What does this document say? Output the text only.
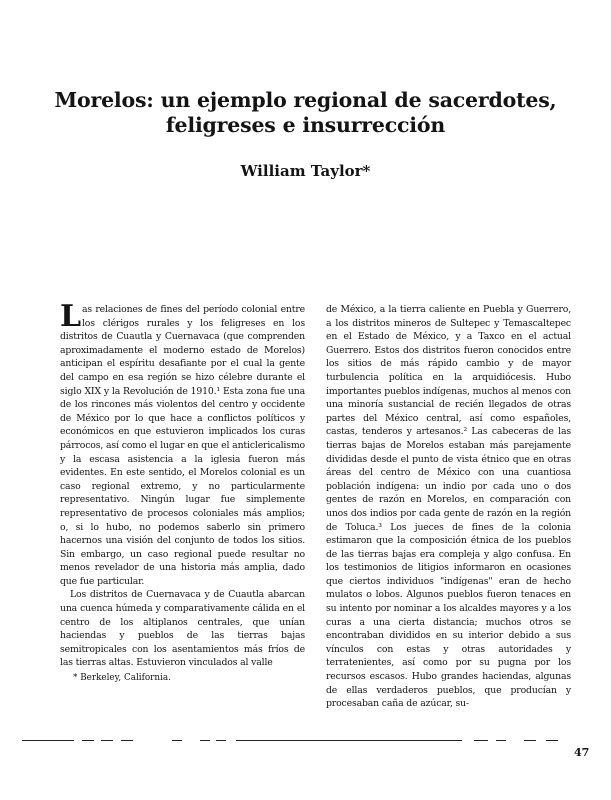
Morelos: un ejemplo regional de sacerdotes,
feligreses e insurrección

William Taylor*

Las relaciones de fines del período colonial entre los clérigos rurales y los feligreses en los distritos de Cuautla y Cuernavaca (que comprenden aproximadamente el moderno estado de Morelos) anticipan el espíritu desafiante por el cual la gente del campo en esa región se hizo célebre durante el siglo XIX y la Revolución de 1910.¹ Esta zona fue una de los rincones más violentos del centro y occidente de México por lo que hace a conflictos políticos y económicos en que estuvieron implicados los curas párrocos, así como el lugar en que el anticlericalismo y la escasa asistencia a la iglesia fueron más evidentes. En este sentido, el Morelos colonial es un caso regional extremo, y no particularmente representativo. Ningún lugar fue simplemente representativo de procesos coloniales más amplios; o, si lo hubo, no podemos saberlo sin primero hacernos una visión del conjunto de todos los sitios. Sin embargo, un caso regional puede resultar no menos revelador de una historia más amplia, dado que fue particular.

Los distritos de Cuernavaca y de Cuautla abarcan una cuenca húmeda y comparativamente cálida en el centro de los altiplanos centrales, que unían haciendas y pueblos de las tierras bajas semitropicales con los asentamientos más fríos de las tierras altas. Estuvieron vinculados al valle

de México, a la tierra caliente en Puebla y Guerrero, a los distritos mineros de Sultepec y Temascaltepec en el Estado de México, y a Taxco en el actual Guerrero. Estos dos distritos fueron conocidos entre los sitios de más rápido cambio y de mayor turbulencia política en la arquidiócesis. Hubo importantes pueblos indígenas, muchos al menos con una minoría sustancial de recién llegados de otras partes del México central, así como españoles, castas, tenderos y artesanos.² Las cabeceras de las tierras bajas de Morelos estaban más parejamente divididas desde el punto de vista étnico que en otras áreas del centro de México con una cuantiosa población indígena: un indio por cada uno o dos gentes de razón en Morelos, en comparación con unos dos indios por cada gente de razón en la región de Toluca.³ Los jueces de fines de la colonia estimaron que la composición étnica de los pueblos de las tierras bajas era compleja y algo confusa. En los testimonios de litigios informaron en ocasiones que ciertos individuos "indígenas" eran de hecho mulatos o lobos. Algunos pueblos fueron tenaces en su intento por nominar a los alcaldes mayores y a los curas a una cierta distancia; muchos otros se encontraban divididos en su interior debido a sus vínculos con estas y otras autoridades y terratenientes, así como por su pugna por los recursos escasos. Hubo grandes haciendas, algunas de ellas verdaderos pueblos, que producían y procesaban caña de azúcar, su-

* Berkeley, California.

47
